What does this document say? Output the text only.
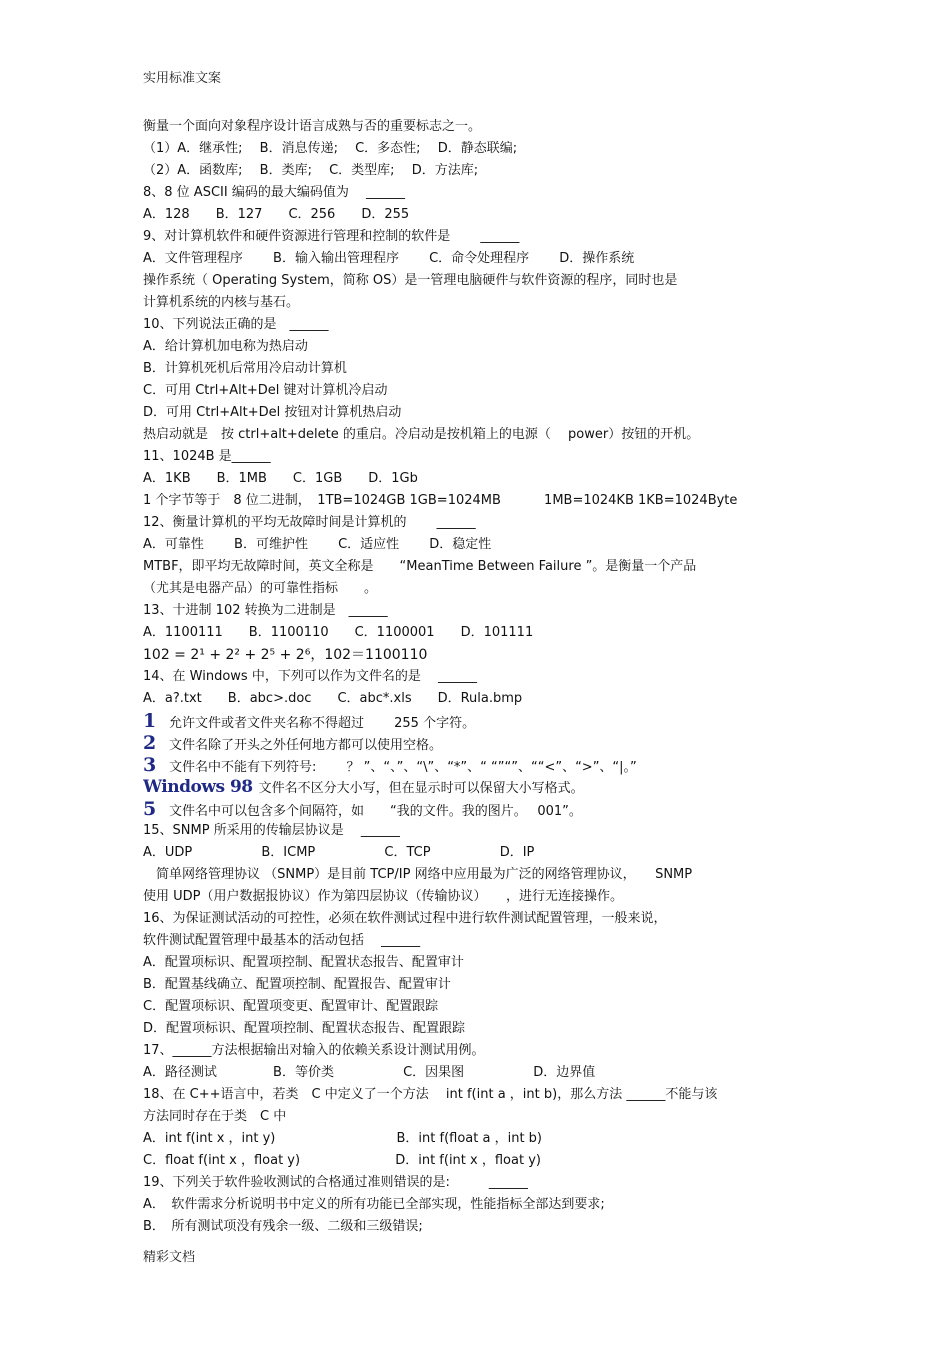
实用标准文案
衡量一个面向对象程序设计语言成熟与否的重要标志之一。
（1）A．继承性;　 B．消息传递;　 C．多态性;　 D．静态联编;
（2）A．函数库;　 B．类库;　 C．类型库;　 D．方法库;
8、8 位 ASCII 编码的最大编码值为　 ______
A．128　　B．127　　C．256　　D．255
9、对计算机软件和硬件资源进行管理和控制的软件是　　 ______
A．文件管理程序　　 B．输入输出管理程序　　 C．命令处理程序　　 D．操作系统
操作系统（ Operating System，简称 OS）是一管理电脑硬件与软件资源的程序，同时也是
计算机系统的内核与基石。
10、下列说法正确的是　______
A．给计算机加电称为热启动
B．计算机死机后常用冷启动计算机
C．可用 Ctrl+Alt+Del 键对计算机冷启动
D．可用 Ctrl+Alt+Del 按钮对计算机热启动
热启动就是　按 ctrl+alt+delete 的重启。冷启动是按机箱上的电源（　 power）按钮的开机。
11、1024B 是______
A．1KB　　B．1MB　　C．1GB　　D．1Gb
1 个字节等于　8 位二进制，　1TB=1024GB 1GB=1024MB　　　 1MB=1024KB 1KB=1024Byte
12、衡量计算机的平均无故障时间是计算机的　　 ______
A．可靠性　　 B．可维护性　　 C．适应性　　 D．稳定性
MTBF，即平均无故障时间，英文全称是　　“MeanTime Between Failure ”。是衡量一个产品
（尤其是电器产品）的可靠性指标　　。
13、十进制 102 转换为二进制是　______
A．1100111　　B．1100110　　C．1100001　　D．101111
102 = 2¹ + 2² + 2⁵ + 2⁶，102＝1100110
14、在 Windows 中，下列可以作为文件名的是　 ______
A．a?.txt　　B．abc>.doc　　C．abc*.xls　　D．Rula.bmp
1 允许文件或者文件夹名称不得超过　　 255 个字符。
2 文件名除了开头之外任何地方都可以使用空格。
3 文件名中不能有下列符号:　　 ？ ”、“、”、“\”、“*”、“ “”“”、““<”、“>”、“|。”
Windows 98 文件名不区分大小写，但在显示时可以保留大小写格式。
5 文件名中可以包含多个间隔符，如　　“我的文件。我的图片。　 001”。
15、SNMP 所采用的传输层协议是　 ______
A．UDP　　　　　 B．ICMP　　　　　 C．TCP　　　　　 D．IP
　简单网络管理协议 （SNMP）是目前 TCP/IP 网络中应用最为广泛的网络管理协议，　　SNMP
使用 UDP（用户数据报协议）作为第四层协议（传输协议）　　，进行无连接操作。
16、为保证测试活动的可控性，必须在软件测试过程中进行软件测试配置管理，一般来说，
软件测试配置管理中最基本的活动包括　 ______
A．配置项标识、配置项控制、配置状态报告、配置审计
B．配置基线确立、配置项控制、配置报告、配置审计
C．配置项标识、配置项变更、配置审计、配置跟踪
D．配置项标识、配置项控制、配置状态报告、配置跟踪
17、______方法根据输出对输入的依赖关系设计测试用例。
A．路径测试　　　　 B．等价类　　　　　 C．因果图　　　　　 D．边界值
18、在 C++语言中，若类　C 中定义了一个方法　 int f(int a ，int b)，那么方法 ______不能与该
方法同时存在于类　C 中
A．int f(int x ，int y)　　　　　　　　　 B．int f(float a ，int b)
C．float f(int x ，float y)　　　　　　　 D．int f(int x ，float y)
19、下列关于软件验收测试的合格通过准则错误的是:　　　______
A．　软件需求分析说明书中定义的所有功能已全部实现，性能指标全部达到要求;
B．　所有测试项没有残余一级、二级和三级错误;
精彩文档
